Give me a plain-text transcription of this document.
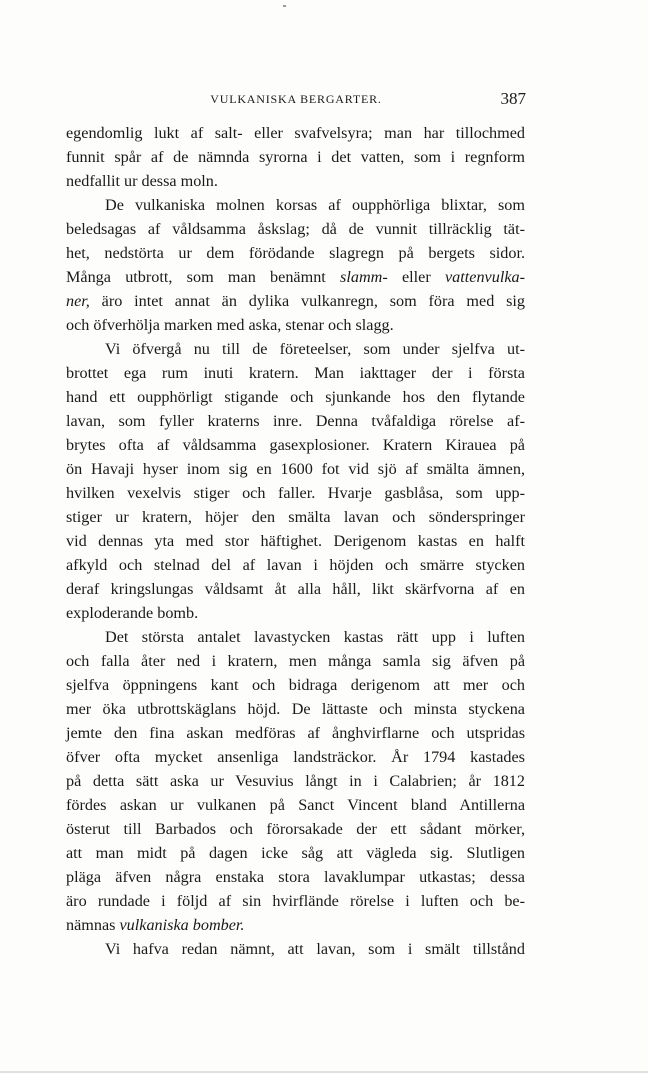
VULKANISKA BERGARTER.	387
egendomlig lukt af salt- eller svafvelsyra; man har tillochmed
funnit spår af de nämnda syrorna i det vatten, som i regnform
nedfallit ur dessa moln.
De vulkaniska molnen korsas af oupphörliga blixtar, som
beledsagas af våldsamma åskslag; då de vunnit tillräcklig tät-
het, nedstörta ur dem förödande slagregn på bergets sidor.
Många utbrott, som man benämnt slamm- eller vattenvulka-
ner, äro intet annat än dylika vulkanregn, som föra med sig
och öfverhölja marken med aska, stenar och slagg.
Vi öfvergå nu till de företeelser, som under sjelfva ut-
brottet ega rum inuti kratern. Man iakttager der i första
hand ett oupphörligt stigande och sjunkande hos den flytande
lavan, som fyller kraterns inre. Denna tvåfaldiga rörelse af-
brytes ofta af våldsamma gasexplosioner. Kratern Kiraueа på
ön Havaji hyser inom sig en 1600 fot vid sjö af smälta ämnen,
hvilken vexelvis stiger och faller. Hvarje gasblåsa, som upp-
stiger ur kratern, höjer den smälta lavan och sönderspringer
vid dennas yta med stor häftighet. Derigenom kastas en halft
afkyld och stelnad del af lavan i höjden och smärre stycken
deraf kringslungas våldsamt åt alla håll, likt skärfvorna af en
exploderande bomb.
Det största antalet lavastycken kastas rätt upp i luften
och falla åter ned i kratern, men många samla sig äfven på
sjelfva öppningens kant och bidraga derigenom att mer och
mer öka utbrottskäglans höjd. De lättaste och minsta styckena
jemte den fina askan medföras af ånghvirflarne och utspridas
öfver ofta mycket ansenliga landsträckor. År 1794 kastades
på detta sätt aska ur Vesuvius långt in i Calabrien; år 1812
fördes askan ur vulkanen på Sanct Vincent bland Antillerna
österut till Barbados och förorsakade der ett sådant mörker,
att man midt på dagen icke såg att vägleda sig. Slutligen
pläga äfven några enstaka stora lavaklumpar utkastas; dessa
äro rundade i följd af sin hvirflände rörelse i luften och be-
nämnas vulkaniska bomber.
Vi hafva redan nämnt, att lavan, som i smält tillstånd
